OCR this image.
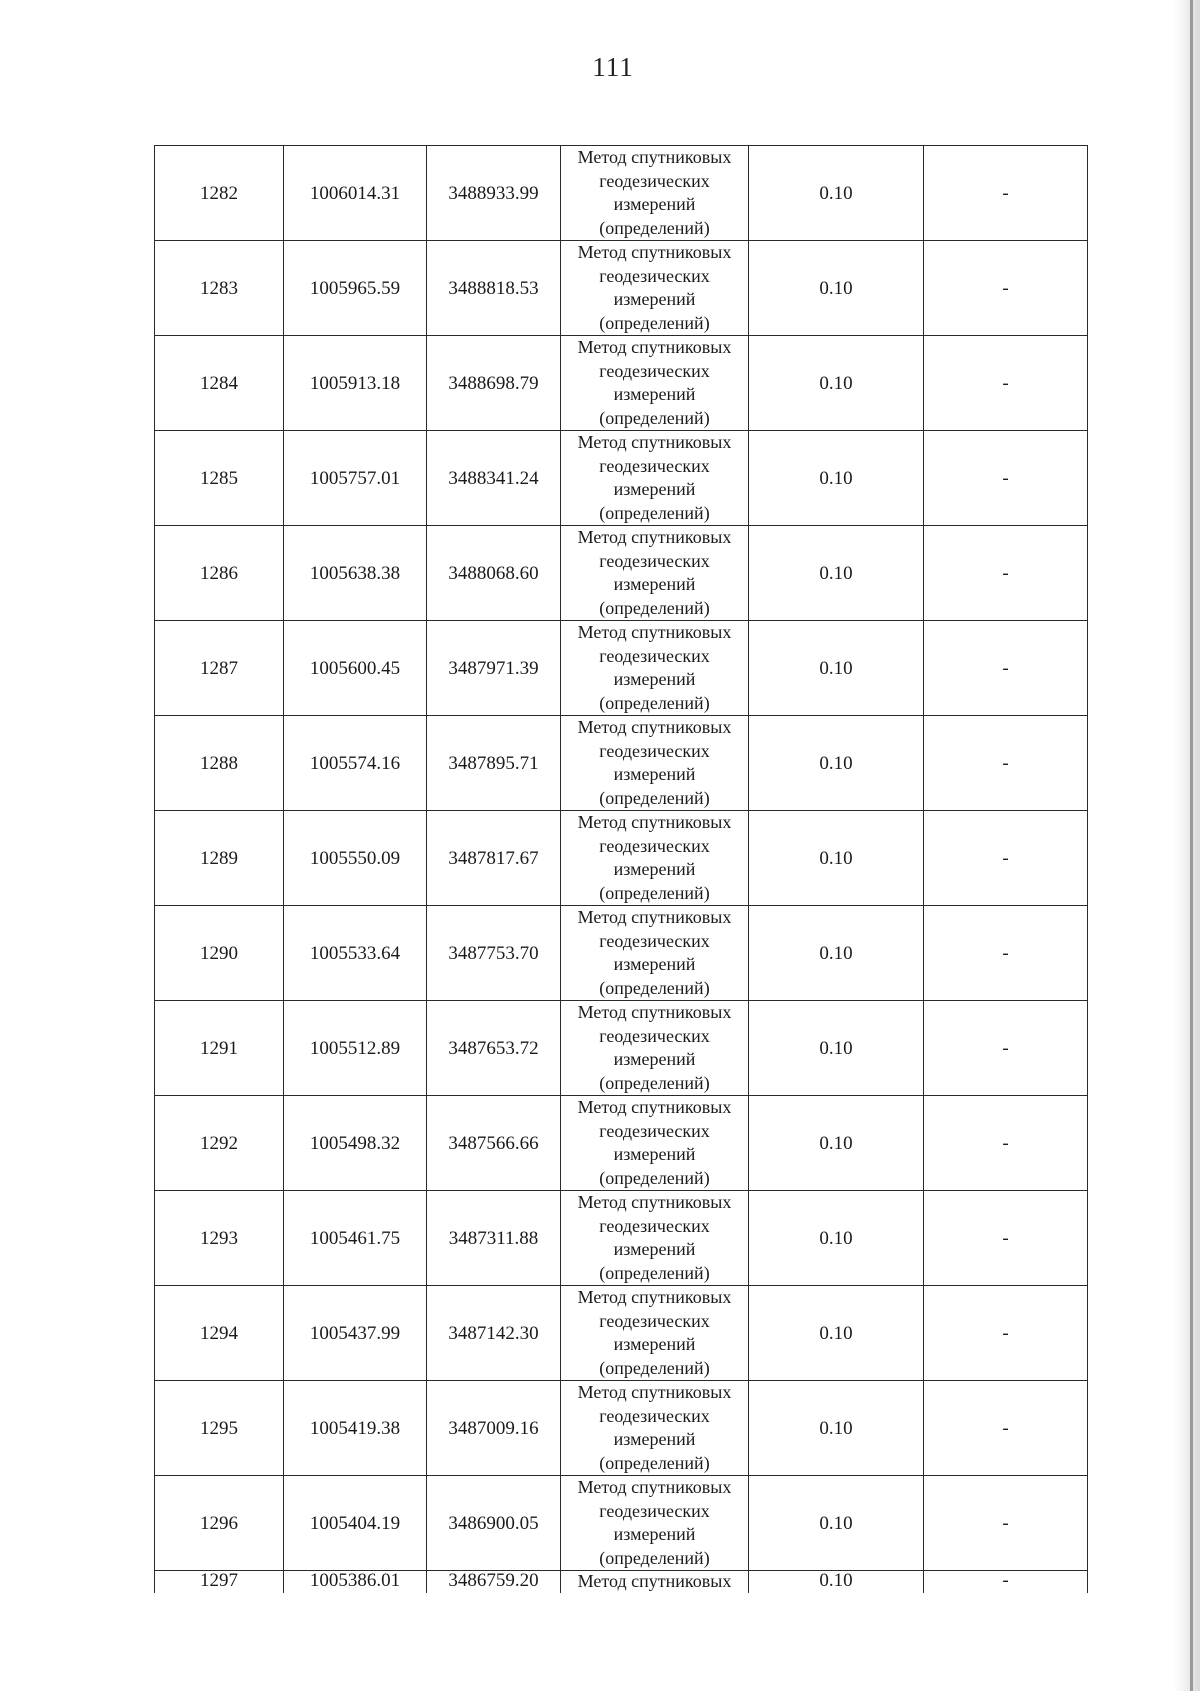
111
1282	1006014.31	3488933.99	Метод спутниковых
геодезических
измерений
(определений)	0.10	-
1283	1005965.59	3488818.53	Метод спутниковых
геодезических
измерений
(определений)	0.10	-
1284	1005913.18	3488698.79	Метод спутниковых
геодезических
измерений
(определений)	0.10	-
1285	1005757.01	3488341.24	Метод спутниковых
геодезических
измерений
(определений)	0.10	-
1286	1005638.38	3488068.60	Метод спутниковых
геодезических
измерений
(определений)	0.10	-
1287	1005600.45	3487971.39	Метод спутниковых
геодезических
измерений
(определений)	0.10	-
1288	1005574.16	3487895.71	Метод спутниковых
геодезических
измерений
(определений)	0.10	-
1289	1005550.09	3487817.67	Метод спутниковых
геодезических
измерений
(определений)	0.10	-
1290	1005533.64	3487753.70	Метод спутниковых
геодезических
измерений
(определений)	0.10	-
1291	1005512.89	3487653.72	Метод спутниковых
геодезических
измерений
(определений)	0.10	-
1292	1005498.32	3487566.66	Метод спутниковых
геодезических
измерений
(определений)	0.10	-
1293	1005461.75	3487311.88	Метод спутниковых
геодезических
измерений
(определений)	0.10	-
1294	1005437.99	3487142.30	Метод спутниковых
геодезических
измерений
(определений)	0.10	-
1295	1005419.38	3487009.16	Метод спутниковых
геодезических
измерений
(определений)	0.10	-
1296	1005404.19	3486900.05	Метод спутниковых
геодезических
измерений
(определений)	0.10	-
1297	1005386.01	3486759.20	Метод спутниковых	0.10	-
